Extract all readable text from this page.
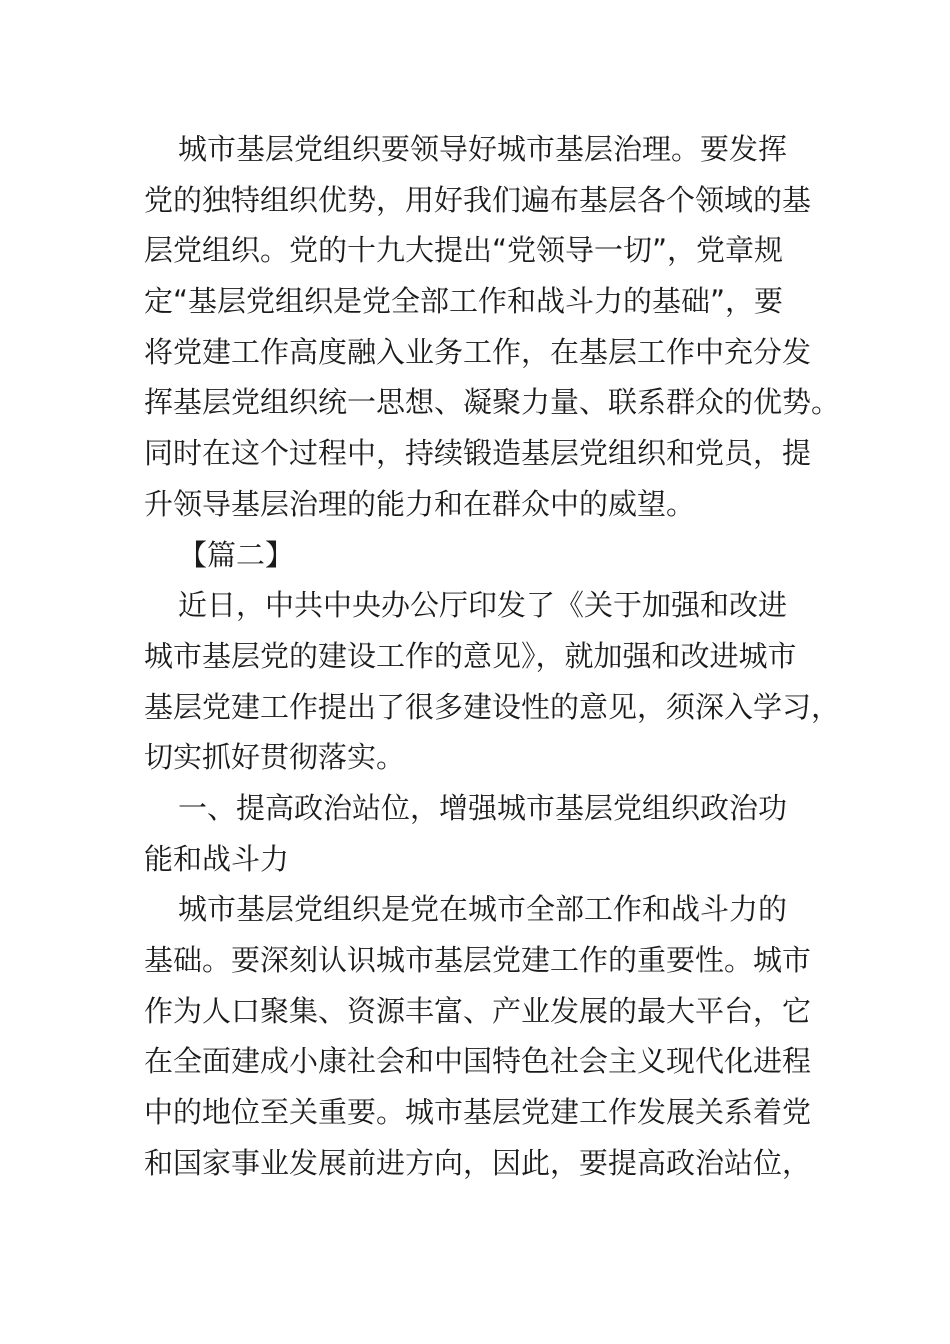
城市基层党组织要领导好城市基层治理。要发挥
党的独特组织优势，用好我们遍布基层各个领域的基
层党组织。党的十九大提出“党领导一切”，党章规
定“基层党组织是党全部工作和战斗力的基础”，要
将党建工作高度融入业务工作，在基层工作中充分发
挥基层党组织统一思想、凝聚力量、联系群众的优势。
同时在这个过程中，持续锻造基层党组织和党员，提
升领导基层治理的能力和在群众中的威望。
【篇二】
近日，中共中央办公厅印发了《关于加强和改进
城市基层党的建设工作的意见》，就加强和改进城市
基层党建工作提出了很多建设性的意见，须深入学习，
切实抓好贯彻落实。
一、提高政治站位，增强城市基层党组织政治功
能和战斗力
城市基层党组织是党在城市全部工作和战斗力的
基础。要深刻认识城市基层党建工作的重要性。城市
作为人口聚集、资源丰富、产业发展的最大平台，它
在全面建成小康社会和中国特色社会主义现代化进程
中的地位至关重要。城市基层党建工作发展关系着党
和国家事业发展前进方向，因此，要提高政治站位，
